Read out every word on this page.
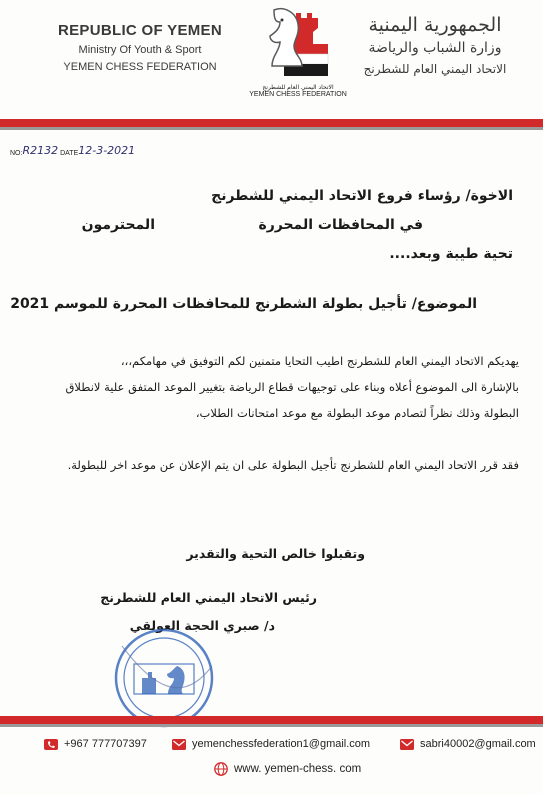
REPUBLIC OF YEMEN
Ministry Of Youth & Sport
YEMEN CHESS FEDERATION
الاتحاد اليمني العام للشطرنج
YEMEN CHESS FEDERATION
الجمهورية اليمنية
وزارة الشباب والرياضة
الاتحاد اليمني العام للشطرنج
NO: R2132 DATE 12-3-2021
الاخوة/ رؤساء فروع الاتحاد اليمني للشطرنج
في المحافظات المحررة
المحترمون
تحية طيبة وبعد....
الموضوع/ تأجيل بطولة الشطرنج للمحافظات المحررة للموسم 2021
يهديكم الاتحاد اليمني العام للشطرنج اطيب التحايا متمنين لكم التوفيق في مهامكم،،،
بالإشارة الى الموضوع أعلاه وبناء على توجيهات قطاع الرياضة بتغيير الموعد المتفق علية لانطلاق البطولة وذلك نظراً لتصادم موعد البطولة مع موعد امتحانات الطلاب،
فقد قرر الاتحاد اليمني العام للشطرنج تأجيل البطولة على ان يتم الإعلان عن موعد اخر للبطولة.
وتقبلوا خالص التحية والتقدير
رئيس الاتحاد اليمني العام للشطرنج
د/ صبري الحجة العولقي
+967 777707397	yemenchessfederation1@gmail.com	sabri40002@gmail.com
www. yemen-chess. com
